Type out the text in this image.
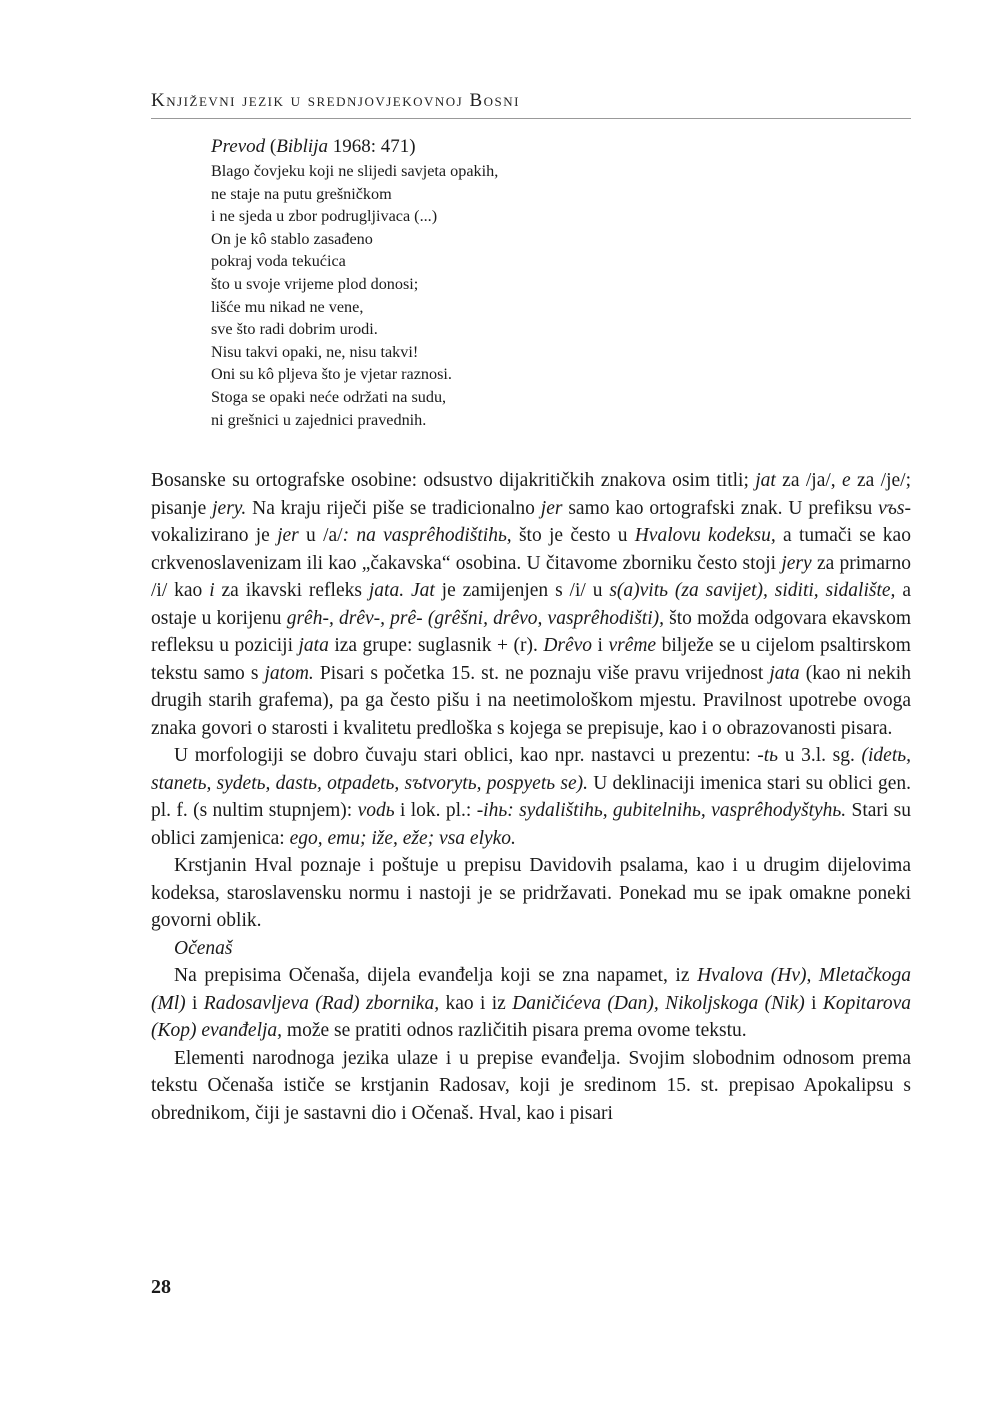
Književni jezik u srednjovjekovnoj Bosni
Prevod (Biblija 1968: 471)
Blago čovjeku koji ne slijedi savjeta opakih,
ne staje na putu grešničkom
i ne sjeda u zbor podrugljivaca (...)
On je kô stablo zasađeno
pokraj voda tekućica
što u svoje vrijeme plod donosi;
lišće mu nikad ne vene,
sve što radi dobrim urodi.
Nisu takvi opaki, ne, nisu takvi!
Oni su kô pljeva što je vjetar raznosi.
Stoga se opaki neće održati na sudu,
ni grešnici u zajednici pravednih.

Bosanske su ortografske osobine: odsustvo dijakritičkih znakova osim titli; jat za /ja/, e za /je/; pisanje jery. Na kraju riječi piše se tradicionalno jer samo kao ortografski znak. U prefiksu vъs- vokalizirano je jer u /a/: na vasprêhodištihь, što je često u Hvalovu kodeksu, a tumači se kao crkvenoslavenizam ili kao „čakavska“ osobina. U čitavome zborniku često stoji jery za primarno /i/ kao i za ikavski refleks jata. Jat je zamijenjen s /i/ u s(a)vitь (za savijet), siditi, sidalište, a ostaje u korijenu grêh-, drêv-, prê- (grêšni, drêvo, vasprêhodišti), što možda odgovara ekavskom refleksu u poziciji jata iza grupe: suglasnik + (r). Drêvo i vrême bilježe se u cijelom psaltirskom tekstu samo s jatom. Pisari s početka 15. st. ne poznaju više pravu vrijednost jata (kao ni nekih drugih starih grafema), pa ga često pišu i na neetimološkom mjestu. Pravilnost upotrebe ovoga znaka govori o starosti i kvalitetu predloška s kojega se prepisuje, kao i o obrazovanosti pisara.

U morfologiji se dobro čuvaju stari oblici, kao npr. nastavci u prezentu: -tь u 3.l. sg. (idetь, stanetь, sydetь, dastь, otpadetь, sъtvorytь, pospyetь se). U deklinaciji imenica stari su oblici gen. pl. f. (s nultim stupnjem): vodь i lok. pl.: -ihь: sydalištihь, gubitelnihь, vasprêhodyštyhь. Stari su oblici zamjenica: ego, emu; iže, eže; vsa elyko.

Krstjanin Hval poznaje i poštuje u prepisu Davidovih psalama, kao i u drugim dijelovima kodeksa, staroslavensku normu i nastoji je se pridržavati. Ponekad mu se ipak omakne poneki govorni oblik.

Očenaš

Na prepisima Očenaša, dijela evanđelja koji se zna napamet, iz Hvalova (Hv), Mletačkoga (Ml) i Radosavljeva (Rad) zbornika, kao i iz Daničićeva (Dan), Nikoljskoga (Nik) i Kopitarova (Kop) evanđelja, može se pratiti odnos različitih pisara prema ovome tekstu.

Elementi narodnoga jezika ulaze i u prepise evanđelja. Svojim slobodnim odnosom prema tekstu Očenaša ističe se krstjanin Radosav, koji je sredinom 15. st. prepisao Apokalipsu s obrednikom, čiji je sastavni dio i Očenaš. Hval, kao i pisari

28
